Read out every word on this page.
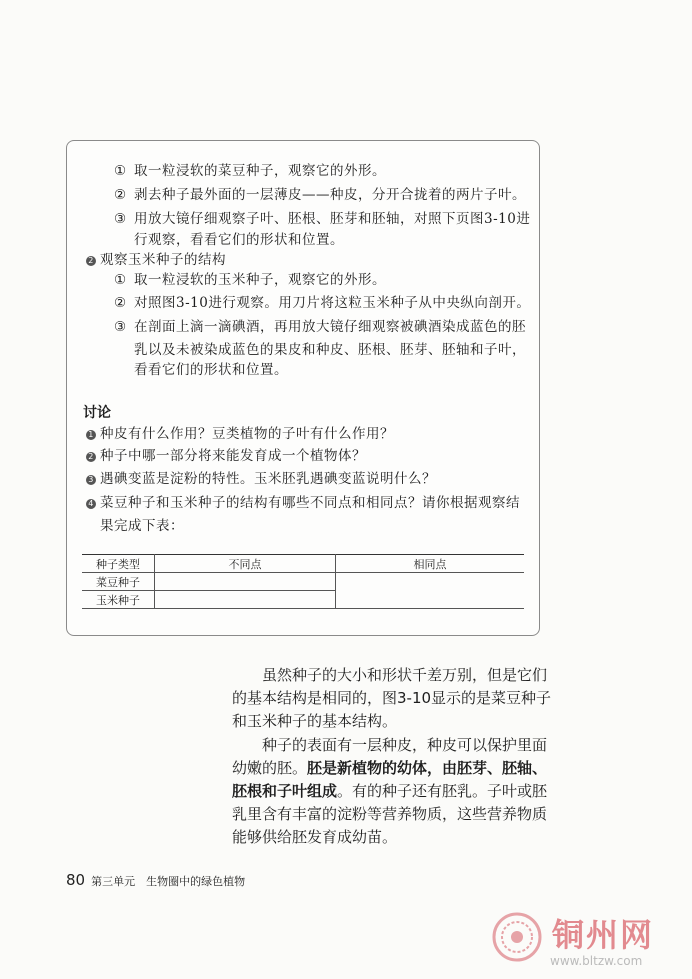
① 取一粒浸软的菜豆种子，观察它的外形。
② 剥去种子最外面的一层薄皮——种皮，分开合拢着的两片子叶。
③ 用放大镜仔细观察子叶、胚根、胚芽和胚轴，对照下页图3-10进
行观察，看看它们的形状和位置。
2 观察玉米种子的结构
① 取一粒浸软的玉米种子，观察它的外形。
② 对照图3-10进行观察。用刀片将这粒玉米种子从中央纵向剖开。
③ 在剖面上滴一滴碘酒，再用放大镜仔细观察被碘酒染成蓝色的胚
乳以及未被染成蓝色的果皮和种皮、胚根、胚芽、胚轴和子叶，
看看它们的形状和位置。
讨论
1 种皮有什么作用？豆类植物的子叶有什么作用？
2 种子中哪一部分将来能发育成一个植物体？
3 遇碘变蓝是淀粉的特性。玉米胚乳遇碘变蓝说明什么？
4 菜豆种子和玉米种子的结构有哪些不同点和相同点？请你根据观察结
果完成下表：
种子类型	不同点	相同点
菜豆种子		
玉米种子		
虽然种子的大小和形状千差万别，但是它们的基本结构是相同的，图3-10显示的是菜豆种子和玉米种子的基本结构。
种子的表面有一层种皮，种皮可以保护里面幼嫩的胚。胚是新植物的幼体，由胚芽、胚轴、胚根和子叶组成。有的种子还有胚乳。子叶或胚乳里含有丰富的淀粉等营养物质，这些营养物质能够供给胚发育成幼苗。
80 第三单元　生物圈中的绿色植物
铜州网
www.bltzw.com
